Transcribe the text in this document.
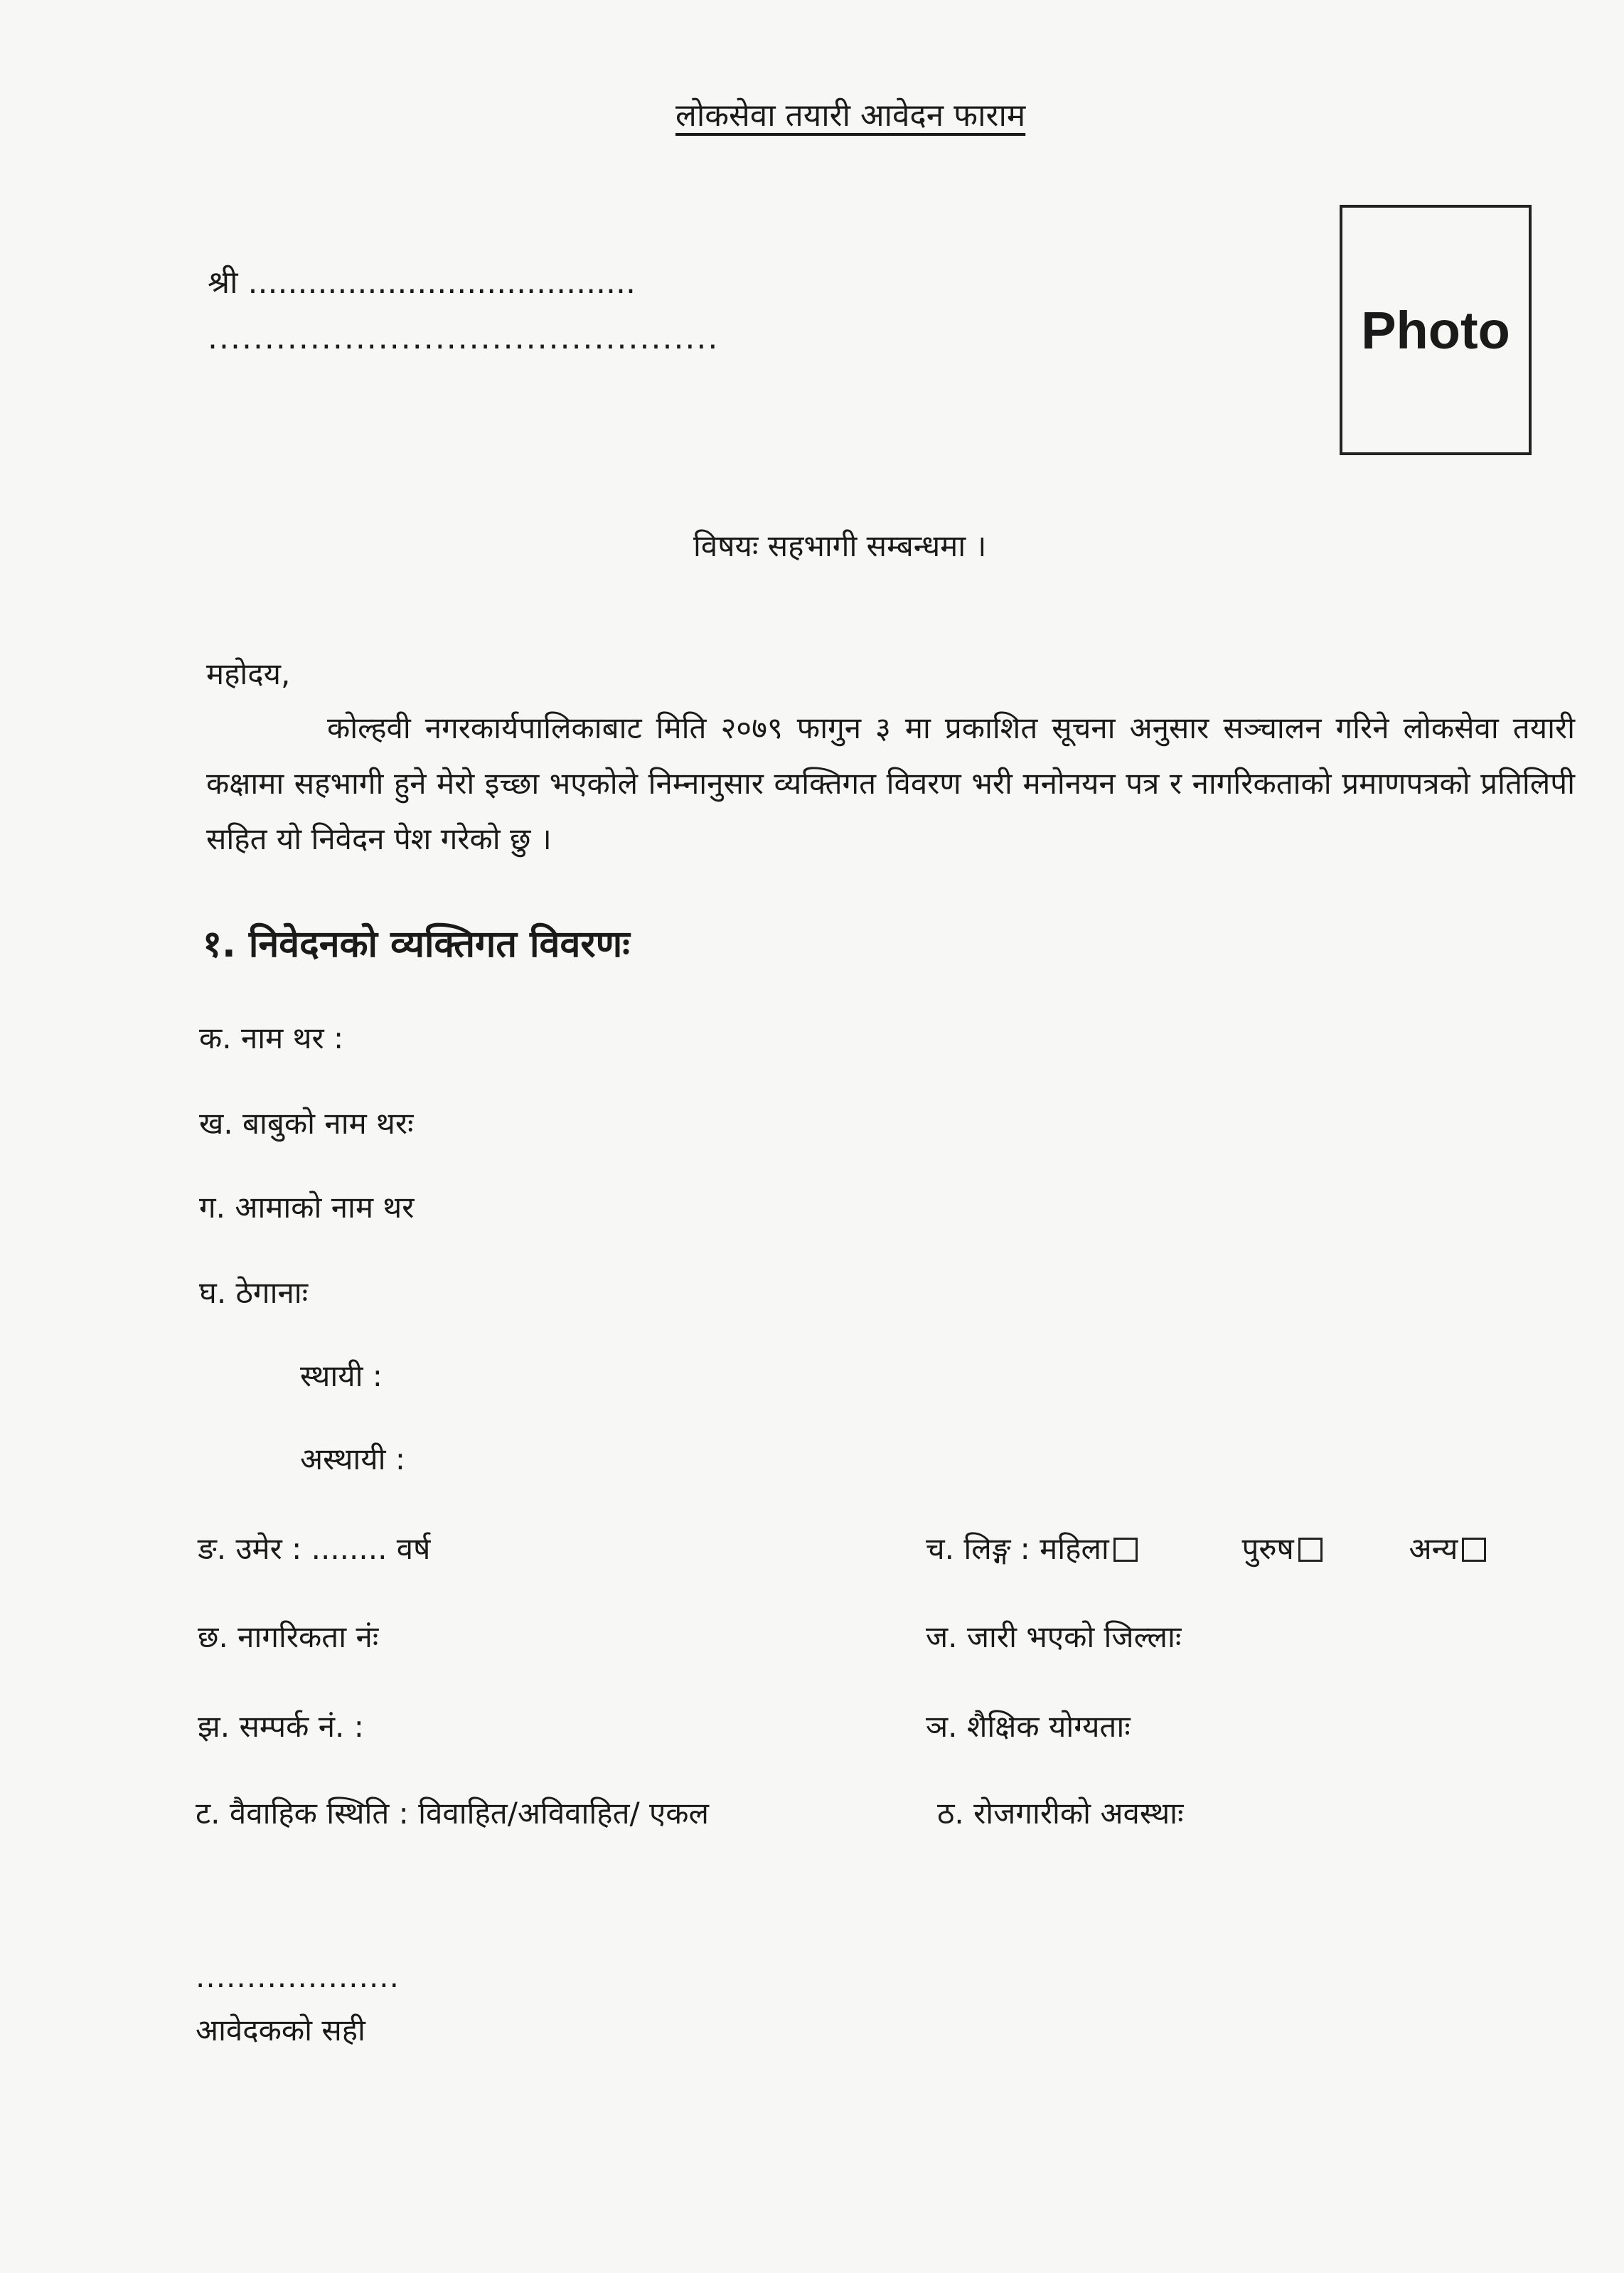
लोकसेवा तयारी आवेदन फाराम
श्री .......................................
.............................................	Photo
विषयः सहभागी सम्बन्धमा ।
महोदय,
कोल्हवी नगरकार्यपालिकाबाट मिति २०७९ फागुन ३ मा प्रकाशित सूचना अनुसार सञ्चालन गरिने लोकसेवा तयारी कक्षामा सहभागी हुने मेरो इच्छा भएकोले निम्नानुसार व्यक्तिगत विवरण भरी मनोनयन पत्र र नागरिकताको प्रमाणपत्रको प्रतिलिपी सहित यो निवेदन पेश गरेको छु ।
१. निवेदनको व्यक्तिगत विवरणः
क. नाम थर :
ख. बाबुको नाम थरः
ग. आमाको नाम थर
घ. ठेगानाः
स्थायी :
अस्थायी :
ङ. उमेर : ........ वर्ष	च. लिङ्ग : महिला	पुरुष	अन्य
छ. नागरिकता नंः	ज. जारी भएको जिल्लाः
झ. सम्पर्क नं. :	ञ. शैक्षिक योग्यताः
ट. वैवाहिक स्थिति : विवाहित/अविवाहित/ एकल	ठ. रोजगारीको अवस्थाः
....................
आवेदकको सही
